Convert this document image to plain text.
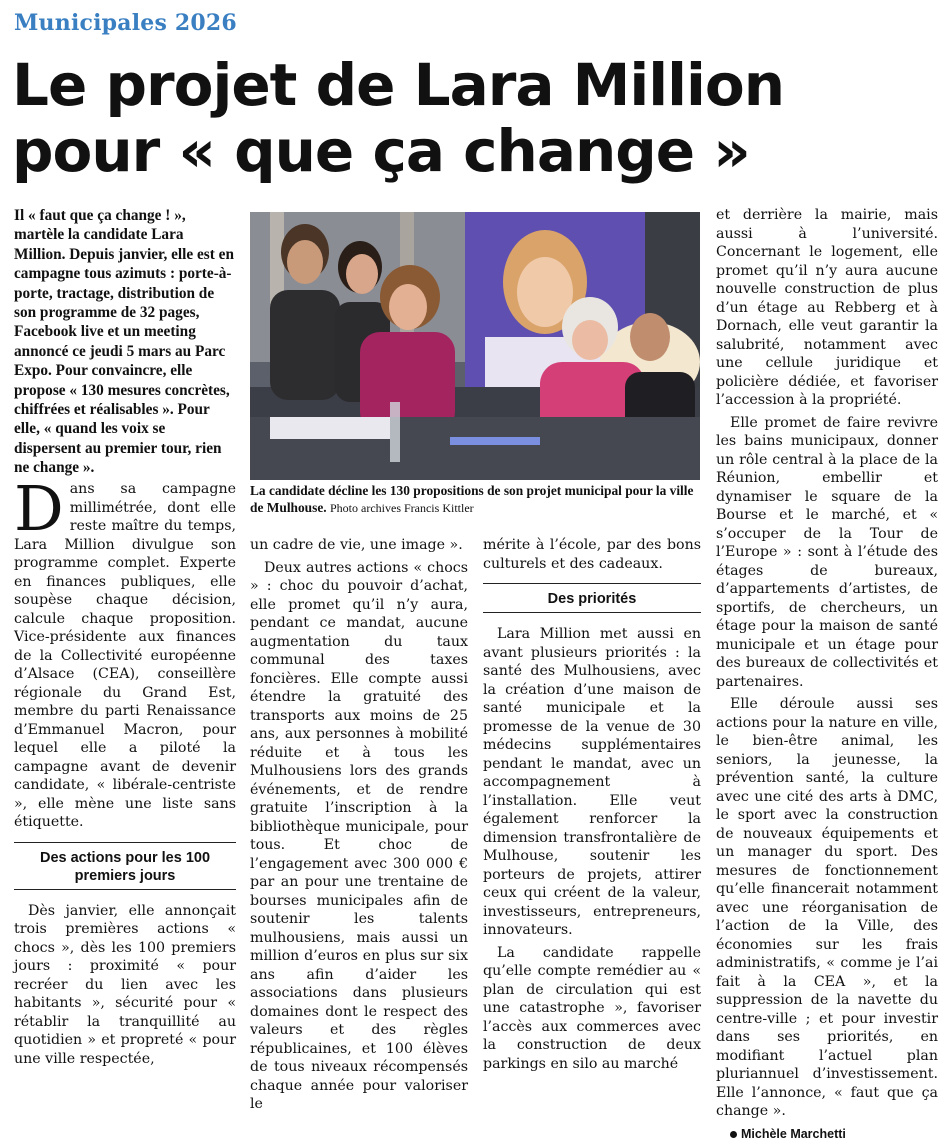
Municipales 2026
Le projet de Lara Million pour « que ça change »
Il « faut que ça change ! », martèle la candidate Lara Million. Depuis janvier, elle est en campagne tous azimuts : porte-à-porte, tractage, distribution de son programme de 32 pages, Facebook live et un meeting annoncé ce jeudi 5 mars au Parc Expo. Pour convaincre, elle propose « 130 mesures concrètes, chiffrées et réalisables ». Pour elle, « quand les voix se dispersent au premier tour, rien ne change ».
La candidate décline les 130 propositions de son projet municipal pour la ville de Mulhouse. Photo archives Francis Kittler

Dans sa campagne millimétrée, dont elle reste maître du temps, Lara Million divulgue son programme complet. Experte en finances publiques, elle soupèse chaque décision, calcule chaque proposition. Vice-présidente aux finances de la Collectivité européenne d’Alsace (CEA), conseillère régionale du Grand Est, membre du parti Renaissance d’Emmanuel Macron, pour lequel elle a piloté la campagne avant de devenir candidate, « libérale-centriste », elle mène une liste sans étiquette.

Des actions pour les 100 premiers jours

Dès janvier, elle annonçait trois premières actions « chocs », dès les 100 premiers jours : proximité « pour recréer du lien avec les habitants », sécurité pour « rétablir la tranquillité au quotidien » et propreté « pour une ville respectée,

un cadre de vie, une image ».

Deux autres actions « chocs » : choc du pouvoir d’achat, elle promet qu’il n’y aura, pendant ce mandat, aucune augmentation du taux communal des taxes foncières. Elle compte aussi étendre la gratuité des transports aux moins de 25 ans, aux personnes à mobilité réduite et à tous les Mulhousiens lors des grands événements, et de rendre gratuite l’inscription à la bibliothèque municipale, pour tous. Et choc de l’engagement avec 300 000 € par an pour une trentaine de bourses municipales afin de soutenir les talents mulhousiens, mais aussi un million d’euros en plus sur six ans afin d’aider les associations dans plusieurs domaines dont le respect des valeurs et des règles républicaines, et 100 élèves de tous niveaux récompensés chaque année pour valoriser le

mérite à l’école, par des bons culturels et des cadeaux.

Des priorités

Lara Million met aussi en avant plusieurs priorités : la santé des Mulhousiens, avec la création d’une maison de santé municipale et la promesse de la venue de 30 médecins supplémentaires pendant le mandat, avec un accompagnement à l’installation. Elle veut également renforcer la dimension transfrontalière de Mulhouse, soutenir les porteurs de projets, attirer ceux qui créent de la valeur, investisseurs, entrepreneurs, innovateurs.

La candidate rappelle qu’elle compte remédier au « plan de circulation qui est une catastrophe », favoriser l’accès aux commerces avec la construction de deux parkings en silo au marché

et derrière la mairie, mais aussi à l’université. Concernant le logement, elle promet qu’il n’y aura aucune nouvelle construction de plus d’un étage au Rebberg et à Dornach, elle veut garantir la salubrité, notamment avec une cellule juridique et policière dédiée, et favoriser l’accession à la propriété.

Elle promet de faire revivre les bains municipaux, donner un rôle central à la place de la Réunion, embellir et dynamiser le square de la Bourse et le marché, et « s’occuper de la Tour de l’Europe » : sont à l’étude des étages de bureaux, d’appartements d’artistes, de sportifs, de chercheurs, un étage pour la maison de santé municipale et un étage pour des bureaux de collectivités et partenaires.

Elle déroule aussi ses actions pour la nature en ville, le bien-être animal, les seniors, la jeunesse, la prévention santé, la culture avec une cité des arts à DMC, le sport avec la construction de nouveaux équipements et un manager du sport. Des mesures de fonctionnement qu’elle financerait notamment avec une réorganisation de l’action de la Ville, des économies sur les frais administratifs, « comme je l’ai fait à la CEA », et la suppression de la navette du centre-ville ; et pour investir dans ses priorités, en modifiant l’actuel plan pluriannuel d’investissement. Elle l’annonce, « faut que ça change ».

Michèle Marchetti
